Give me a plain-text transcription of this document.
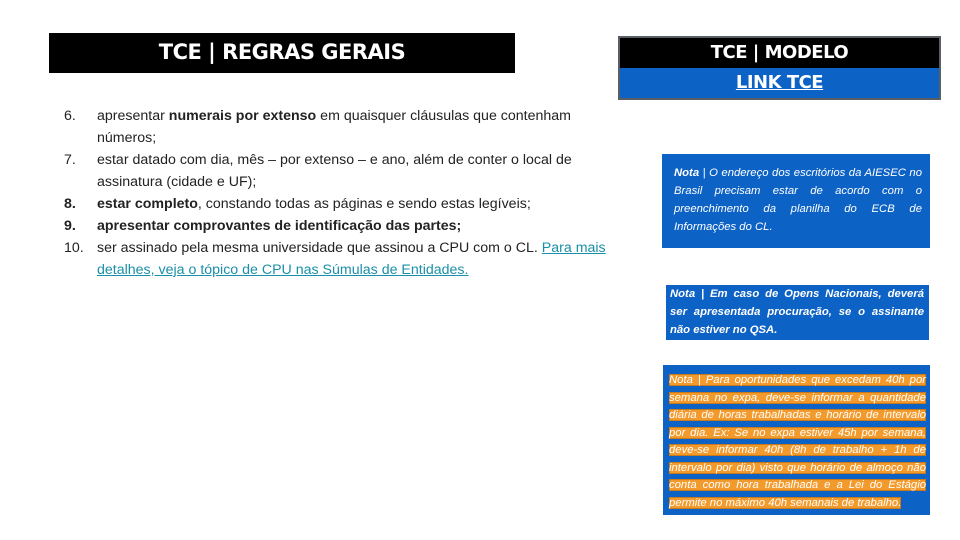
TCE | REGRAS GERAIS	TCE | MODELO
LINK TCE
6.	apresentar numerais por extenso em quaisquer cláusulas que contenham números;
7.	estar datado com dia, mês – por extenso – e ano, além de conter o local de assinatura (cidade e UF);
8.	estar completo, constando todas as páginas e sendo estas legíveis;
9.	apresentar comprovantes de identificação das partes;
10. ser assinado pela mesma universidade que assinou a CPU com o CL. Para mais detalhes, veja o tópico de CPU nas Súmulas de Entidades.
Nota | O endereço dos escritórios da AIESEC no Brasil precisam estar de acordo com o preenchimento da planilha do ECB de Informações do CL.
Nota | Em caso de Opens Nacionais, deverá ser apresentada procuração, se o assinante não estiver no QSA.
Nota | Para oportunidades que excedam 40h por semana no expa, deve-se informar a quantidade diária de horas trabalhadas e horário de intervalo por dia. Ex: Se no expa estiver 45h por semana, deve-se informar 40h (8h de trabalho + 1h de intervalo por dia) visto que horário de almoço não conta como hora trabalhada e a Lei do Estágio permite no máximo 40h semanais de trabalho.
